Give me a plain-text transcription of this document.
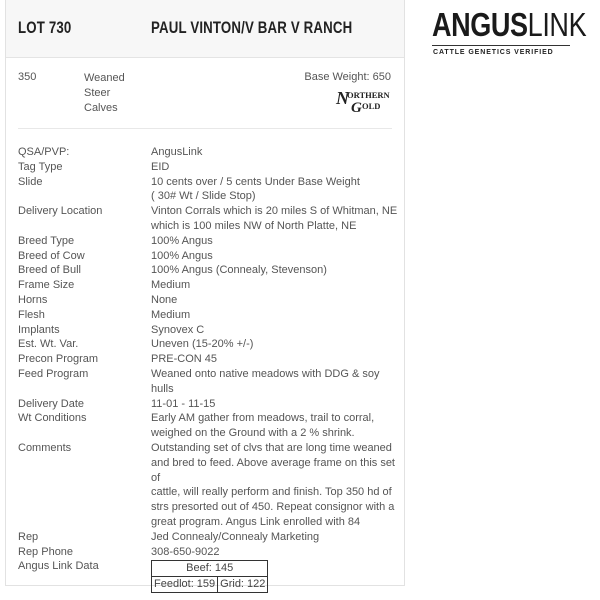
LOT 730	PAUL VINTON/V BAR V RANCH
350	Weaned
Steer
Calves
Base Weight: 650
N
ORTHERN
G OLD
QSA/PVP:	AngusLink
Tag Type	EID
Slide	10 cents over / 5 cents Under Base Weight
( 30# Wt / Slide Stop)
Delivery Location	Vinton Corrals which is 20 miles S of Whitman, NE
which is 100 miles NW of North Platte, NE
Breed Type	100% Angus
Breed of Cow	100% Angus
Breed of Bull	100% Angus (Connealy, Stevenson)
Frame Size	Medium
Horns	None
Flesh	Medium
Implants	Synovex C
Est. Wt. Var.	Uneven (15-20% +/-)
Precon Program	PRE-CON 45
Feed Program	Weaned onto native meadows with DDG & soy hulls
Delivery Date	11-01 - 11-15
Wt Conditions	Early AM gather from meadows, trail to corral,
weighed on the Ground with a 2 % shrink.
Comments	Outstanding set of clvs that are long time weaned
and bred to feed. Above average frame on this set of
cattle, will really perform and finish. Top 350 hd of
strs presorted out of 450. Repeat consignor with a
great program. Angus Link enrolled with 84
Rep	Jed Connealy/Connealy Marketing
Rep Phone	308-650-9022
Angus Link Data	Beef: 145
Feedlot: 159	Grid: 122
ANGUSLINK
CATTLE GENETICS VERIFIED
